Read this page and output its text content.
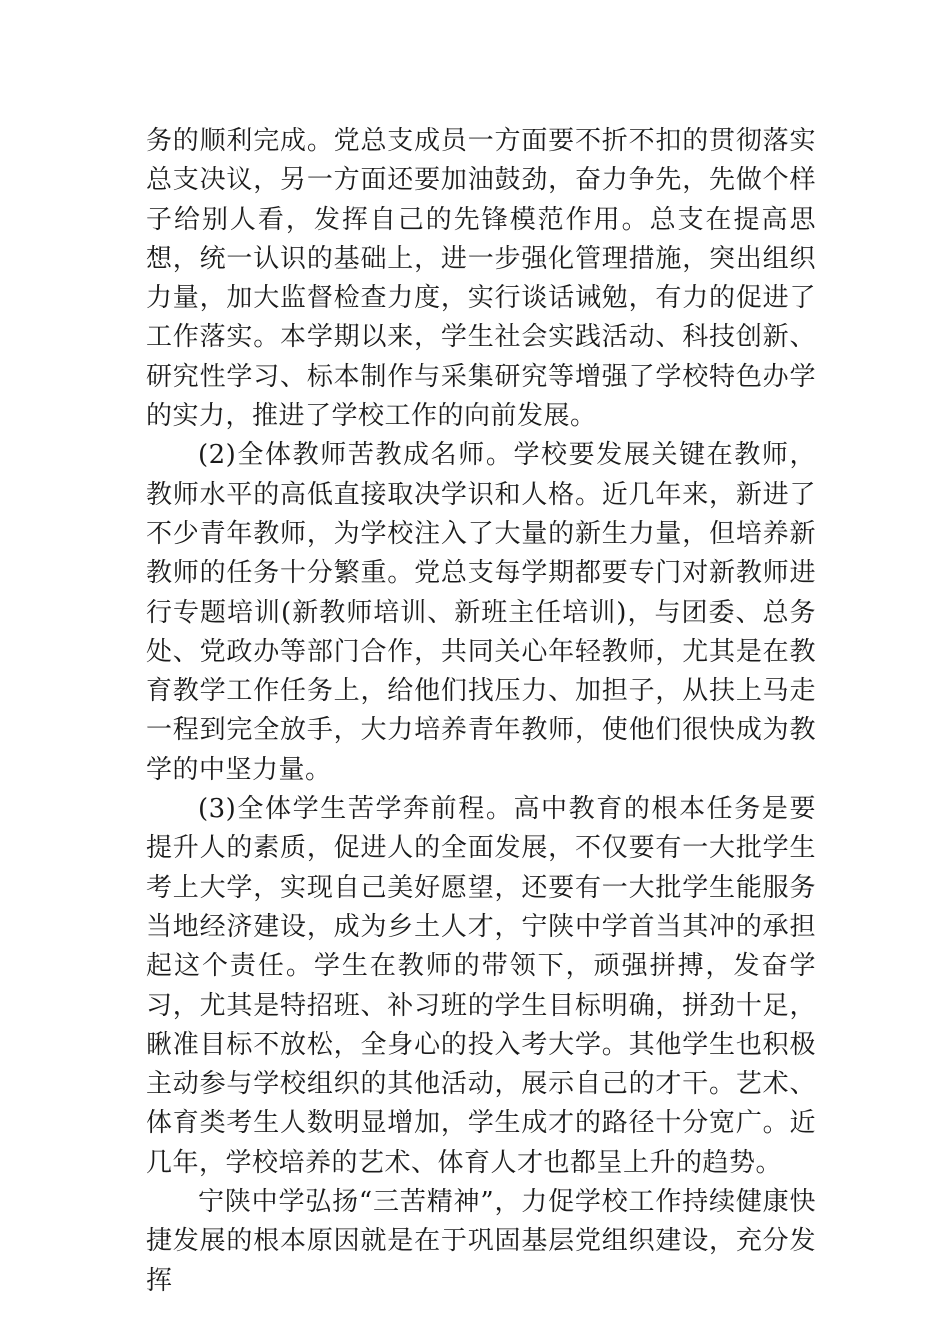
务的顺利完成。党总支成员一方面要不折不扣的贯彻落实总支决议，另一方面还要加油鼓劲，奋力争先，先做个样子给别人看，发挥自己的先锋模范作用。总支在提高思想，统一认识的基础上，进一步强化管理措施，突出组织力量，加大监督检查力度，实行谈话诫勉，有力的促进了工作落实。本学期以来，学生社会实践活动、科技创新、研究性学习、标本制作与采集研究等增强了学校特色办学的实力，推进了学校工作的向前发展。

(2)全体教师苦教成名师。学校要发展关键在教师，教师水平的高低直接取决学识和人格。近几年来，新进了不少青年教师，为学校注入了大量的新生力量，但培养新教师的任务十分繁重。党总支每学期都要专门对新教师进行专题培训(新教师培训、新班主任培训)，与团委、总务处、党政办等部门合作，共同关心年轻教师，尤其是在教育教学工作任务上，给他们找压力、加担子，从扶上马走一程到完全放手，大力培养青年教师，使他们很快成为教学的中坚力量。

(3)全体学生苦学奔前程。高中教育的根本任务是要提升人的素质，促进人的全面发展，不仅要有一大批学生考上大学，实现自己美好愿望，还要有一大批学生能服务当地经济建设，成为乡土人才，宁陕中学首当其冲的承担起这个责任。学生在教师的带领下，顽强拼搏，发奋学习，尤其是特招班、补习班的学生目标明确，拼劲十足，瞅准目标不放松，全身心的投入考大学。其他学生也积极主动参与学校组织的其他活动，展示自己的才干。艺术、体育类考生人数明显增加，学生成才的路径十分宽广。近几年，学校培养的艺术、体育人才也都呈上升的趋势。

宁陕中学弘扬“三苦精神”，力促学校工作持续健康快捷发展的根本原因就是在于巩固基层党组织建设，充分发挥
